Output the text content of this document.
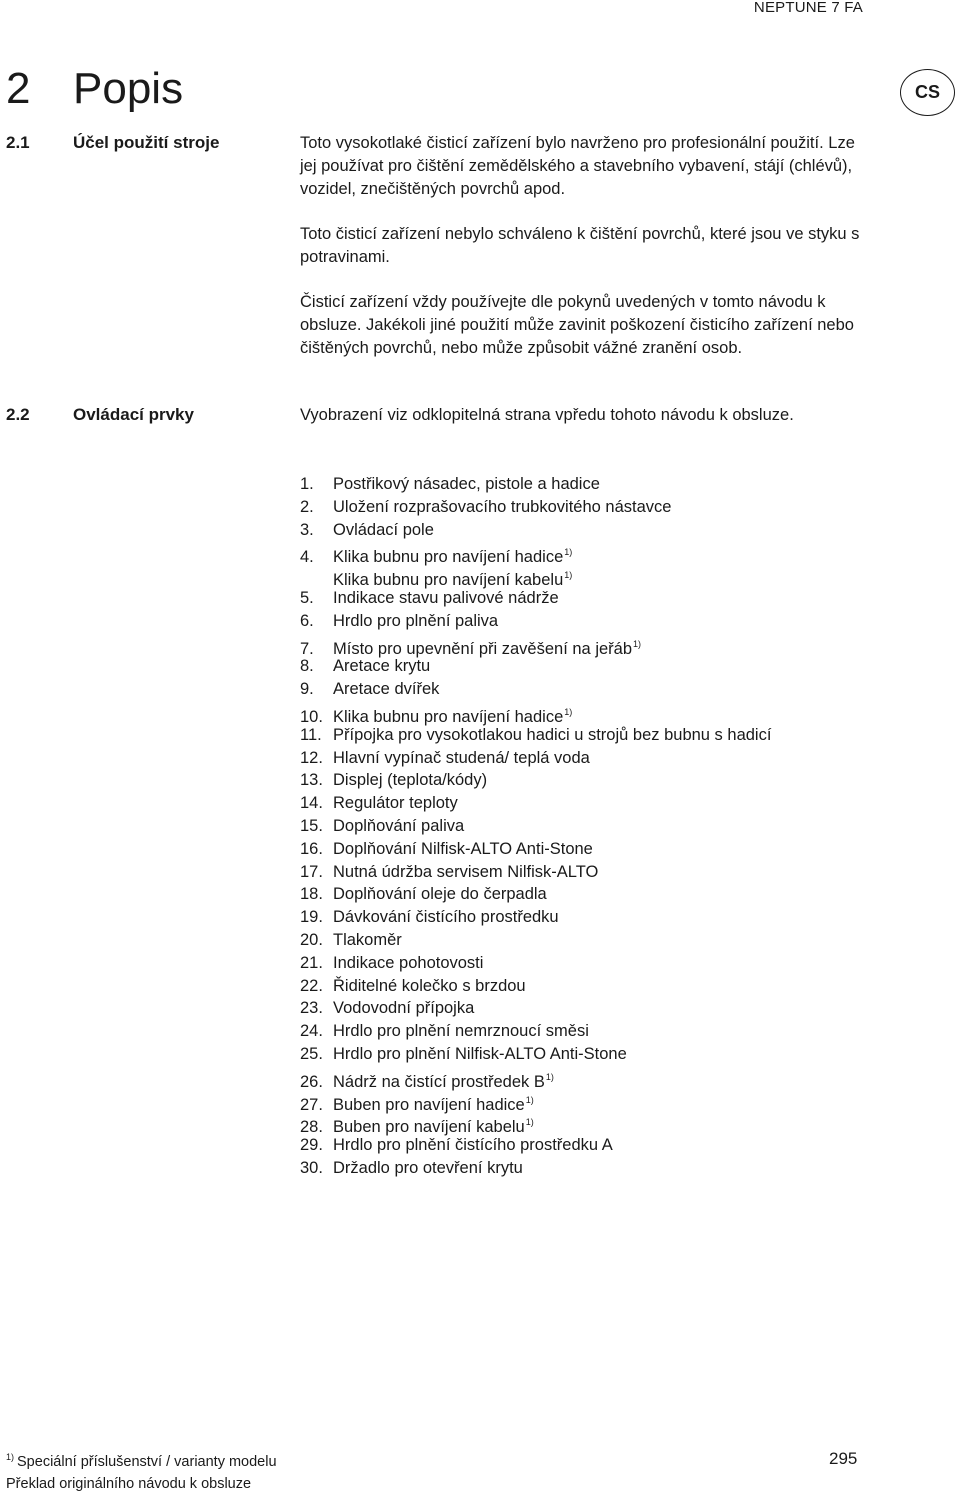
NEPTUNE 7 FA
2 Popis	CS
2.1	Účel použití stroje	Toto vysokotlaké čisticí zařízení bylo navrženo pro profesionální použití. Lze jej používat pro čištění zemědělského a stavebního vybavení, stájí (chlévů), vozidel, znečištěných povrchů apod.

Toto čisticí zařízení nebylo schváleno k čištění povrchů, které jsou ve styku s potravinami.

Čisticí zařízení vždy používejte dle pokynů uvedených v tomto návodu k obsluze. Jakékoli jiné použití může zavinit poškození čisticího zařízení nebo čištěných povrchů, nebo může způsobit vážné zranění osob.

2.2	Ovládací prvky	Vyobrazení viz odklopitelná strana vpředu tohoto návodu k obsluze.

1. Postřikový násadec, pistole a hadice
2. Uložení rozprašovacího trubkovitého nástavce
3. Ovládací pole
4. Klika bubnu pro navíjení hadice$^{1)}$
Klika bubnu pro navíjení kabelu$^{1)}$
5. Indikace stavu palivové nádrže
6. Hrdlo pro plnění paliva
7. Místo pro upevnění při zavěšení na jeřáb$^{1)}$
8. Aretace krytu
9. Aretace dvířek
10. Klika bubnu pro navíjení hadice$^{1)}$
11. Přípojka pro vysokotlakou hadici u strojů bez bubnu s hadicí
12. Hlavní vypínač studená/ teplá voda
13. Displej (teplota/kódy)
14. Regulátor teploty
15. Doplňování paliva
16. Doplňování Nilfisk-ALTO Anti-Stone
17. Nutná údržba servisem Nilfisk-ALTO
18. Doplňování oleje do čerpadla
19. Dávkování čistícího prostředku
20. Tlakoměr
21. Indikace pohotovosti
22. Řiditelné kolečko s brzdou
23. Vodovodní přípojka
24. Hrdlo pro plnění nemrznoucí směsi
25. Hrdlo pro plnění Nilfisk-ALTO Anti-Stone
26. Nádrž na čistící prostředek $B^{1)}$
27. Buben pro navíjení hadice$^{1)}$
28. Buben pro navíjení kabelu$^{1)}$
29. Hrdlo pro plnění čistícího prostředku A
30. Držadlo pro otevření krytu
$^{1)}$ Speciální příslušenství / varianty modelu
Překlad originálního návodu k obsluze
295
